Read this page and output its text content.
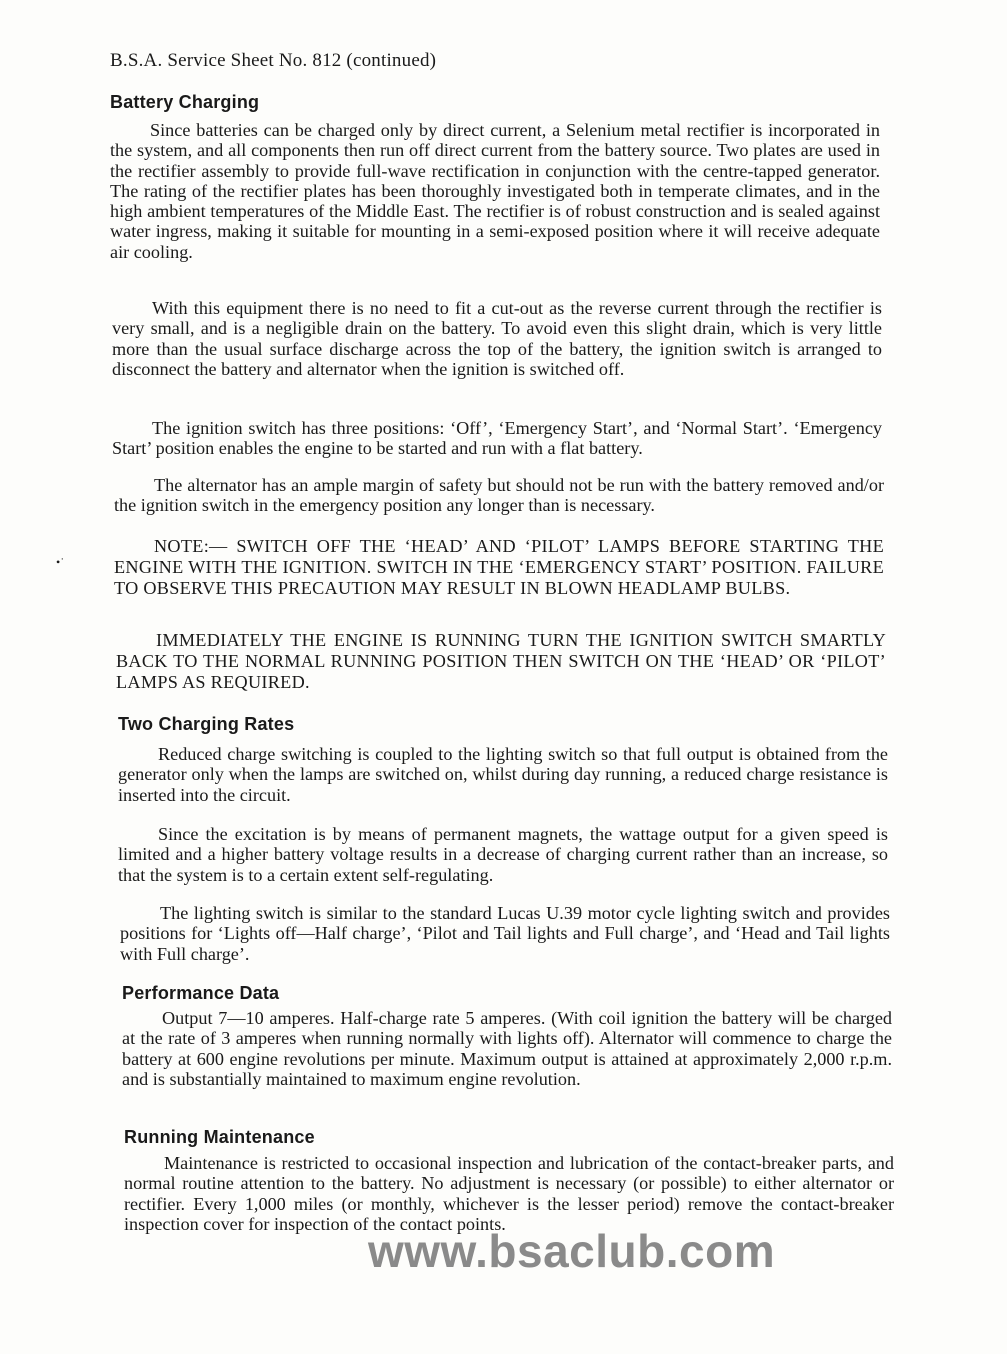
B.S.A. Service Sheet No. 812 (continued)
Battery Charging
Since batteries can be charged only by direct current, a Selenium metal rectifier is incorporated in the system, and all components then run off direct current from the battery source. Two plates are used in the rectifier assembly to provide full-wave rectification in conjunction with the centre-tapped generator. The rating of the rectifier plates has been thoroughly investigated both in temperate climates, and in the high ambient temperatures of the Middle East. The rectifier is of robust construction and is sealed against water ingress, making it suitable for mounting in a semi-exposed position where it will receive adequate air cooling.
With this equipment there is no need to fit a cut-out as the reverse current through the rectifier is very small, and is a negligible drain on the battery. To avoid even this slight drain, which is very little more than the usual surface discharge across the top of the battery, the ignition switch is arranged to disconnect the battery and alternator when the ignition is switched off.
The ignition switch has three positions: ‘Off’, ‘Emergency Start’, and ‘Normal Start’. ‘Emergency Start’ position enables the engine to be started and run with a flat battery.
The alternator has an ample margin of safety but should not be run with the battery removed and/or the ignition switch in the emergency position any longer than is necessary.
•˙
NOTE:— SWITCH OFF THE ‘HEAD’ AND ‘PILOT’ LAMPS BEFORE STARTING THE ENGINE WITH THE IGNITION. SWITCH IN THE ‘EMERGENCY START’ POSITION. FAILURE TO OBSERVE THIS PRECAUTION MAY RESULT IN BLOWN HEADLAMP BULBS.
IMMEDIATELY THE ENGINE IS RUNNING TURN THE IGNITION SWITCH SMARTLY BACK TO THE NORMAL RUNNING POSITION THEN SWITCH ON THE ‘HEAD’ OR ‘PILOT’ LAMPS AS REQUIRED.
Two Charging Rates
Reduced charge switching is coupled to the lighting switch so that full output is obtained from the generator only when the lamps are switched on, whilst during day running, a reduced charge resistance is inserted into the circuit.
Since the excitation is by means of permanent magnets, the wattage output for a given speed is limited and a higher battery voltage results in a decrease of charging current rather than an increase, so that the system is to a certain extent self-regulating.
The lighting switch is similar to the standard Lucas U.39 motor cycle lighting switch and provides positions for ‘Lights off—Half charge’, ‘Pilot and Tail lights and Full charge’, and ‘Head and Tail lights with Full charge’.
Performance Data
Output 7—10 amperes. Half-charge rate 5 amperes. (With coil ignition the battery will be charged at the rate of 3 amperes when running normally with lights off). Alternator will commence to charge the battery at 600 engine revolutions per minute. Maximum output is attained at approximately 2,000 r.p.m. and is substantially maintained to maximum engine revolution.
Running Maintenance
Maintenance is restricted to occasional inspection and lubrication of the contact-breaker parts, and normal routine attention to the battery. No adjustment is necessary (or possible) to either alternator or rectifier. Every 1,000 miles (or monthly, whichever is the lesser period) remove the contact-breaker inspection cover for inspection of the contact points.
www.bsaclub.com
